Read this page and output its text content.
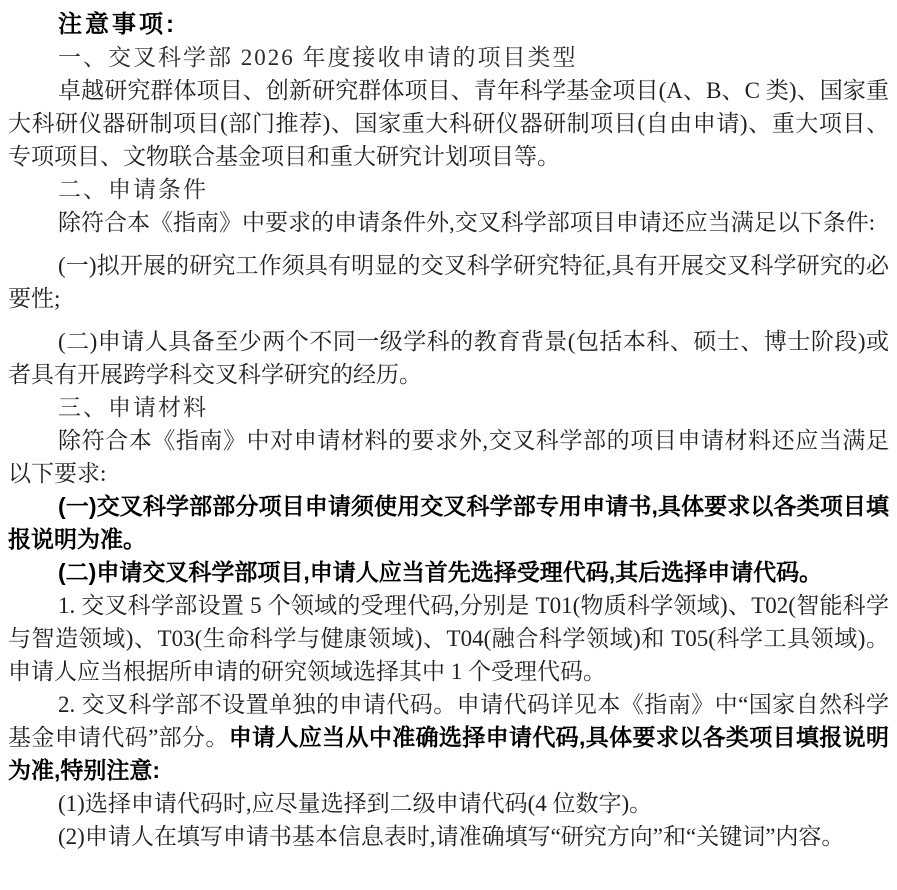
注意事项:

一、交叉科学部 2026 年度接收申请的项目类型

卓越研究群体项目、创新研究群体项目、青年科学基金项目(A、B、C 类)、国家重大科研仪器研制项目(部门推荐)、国家重大科研仪器研制项目(自由申请)、重大项目、专项项目、文物联合基金项目和重大研究计划项目等。

二、申请条件

除符合本《指南》中要求的申请条件外,交叉科学部项目申请还应当满足以下条件:

(一)拟开展的研究工作须具有明显的交叉科学研究特征,具有开展交叉科学研究的必要性;

(二)申请人具备至少两个不同一级学科的教育背景(包括本科、硕士、博士阶段)或者具有开展跨学科交叉科学研究的经历。

三、申请材料

除符合本《指南》中对申请材料的要求外,交叉科学部的项目申请材料还应当满足以下要求:

(一)交叉科学部部分项目申请须使用交叉科学部专用申请书,具体要求以各类项目填报说明为准。

(二)申请交叉科学部项目,申请人应当首先选择受理代码,其后选择申请代码。

1. 交叉科学部设置 5 个领域的受理代码,分别是 T01(物质科学领域)、T02(智能科学与智造领域)、T03(生命科学与健康领域)、T04(融合科学领域)和 T05(科学工具领域)。申请人应当根据所申请的研究领域选择其中 1 个受理代码。

2. 交叉科学部不设置单独的申请代码。申请代码详见本《指南》中“国家自然科学基金申请代码”部分。申请人应当从中准确选择申请代码,具体要求以各类项目填报说明为准,特别注意:

(1)选择申请代码时,应尽量选择到二级申请代码(4 位数字)。

(2)申请人在填写申请书基本信息表时,请准确填写“研究方向”和“关键词”内容。
